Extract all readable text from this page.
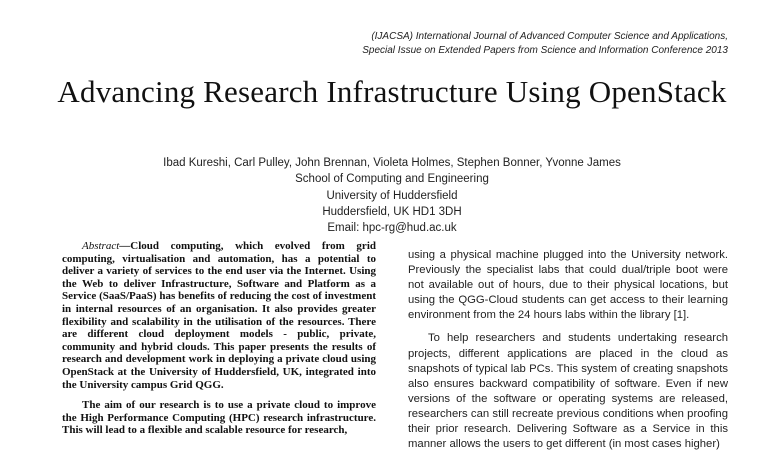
(IJACSA) International Journal of Advanced Computer Science and Applications,
Special Issue on Extended Papers from Science and Information Conference 2013
Advancing Research Infrastructure Using OpenStack
Ibad Kureshi, Carl Pulley, John Brennan, Violeta Holmes, Stephen Bonner, Yvonne James
School of Computing and Engineering
University of Huddersfield
Huddersfield, UK HD1 3DH
Email: hpc-rg@hud.ac.uk

Abstract—Cloud computing, which evolved from grid computing, virtualisation and automation, has a potential to deliver a variety of services to the end user via the Internet. Using the Web to deliver Infrastructure, Software and Platform as a Service (SaaS/PaaS) has benefits of reducing the cost of investment in internal resources of an organisation. It also provides greater flexibility and scalability in the utilisation of the resources. There are different cloud deployment models - public, private, community and hybrid clouds. This paper presents the results of research and development work in deploying a private cloud using OpenStack at the University of Huddersfield, UK, integrated into the University campus Grid QGG.

The aim of our research is to use a private cloud to improve the High Performance Computing (HPC) research infrastructure. This will lead to a flexible and scalable resource for research,

using a physical machine plugged into the University network. Previously the specialist labs that could dual/triple boot were not available out of hours, due to their physical locations, but using the QGG-Cloud students can get access to their learning environment from the 24 hours labs within the library [1].

To help researchers and students undertaking research projects, different applications are placed in the cloud as snapshots of typical lab PCs. This system of creating snapshots also ensures backward compatibility of software. Even if new versions of the software or operating systems are released, researchers can still recreate previous conditions when proofing their prior research. Delivering Software as a Service in this manner allows the users to get different (in most cases higher)
